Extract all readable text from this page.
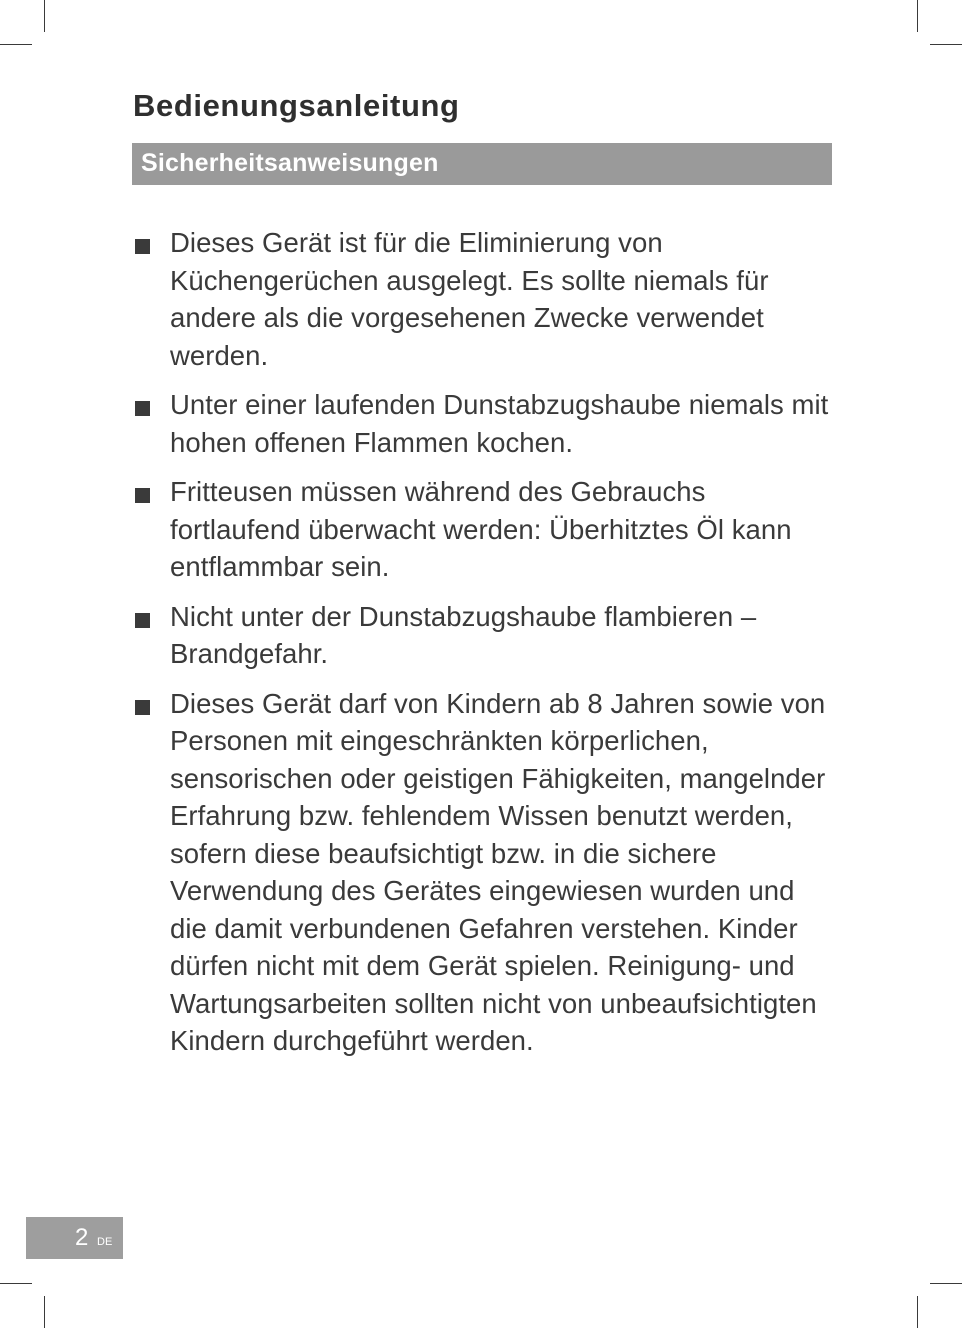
Bedienungsanleitung
Sicherheitsanweisungen
Dieses Gerät ist für die Eliminierung von Küchengerüchen ausgelegt. Es sollte niemals für andere als die vorgesehenen Zwecke verwendet werden.
Unter einer laufenden Dunstabzugshaube niemals mit hohen offenen Flammen kochen.
Fritteusen müssen während des Gebrauchs fortlaufend überwacht werden: Überhitztes Öl kann entflammbar sein.
Nicht unter der Dunstabzugshaube flambieren – Brandgefahr.
Dieses Gerät darf von Kindern ab 8 Jahren sowie von Personen mit eingeschränkten körperlichen, sensorischen oder geistigen Fähigkeiten, mangelnder Erfahrung bzw. fehlendem Wissen benutzt werden, sofern diese beaufsichtigt bzw. in die sichere Verwendung des Gerätes eingewiesen wurden und die damit verbundenen Gefahren verstehen. Kinder dürfen nicht mit dem Gerät spielen. Reinigung- und Wartungsarbeiten sollten nicht von unbeaufsichtigten Kindern durchgeführt werden.
2 DE
